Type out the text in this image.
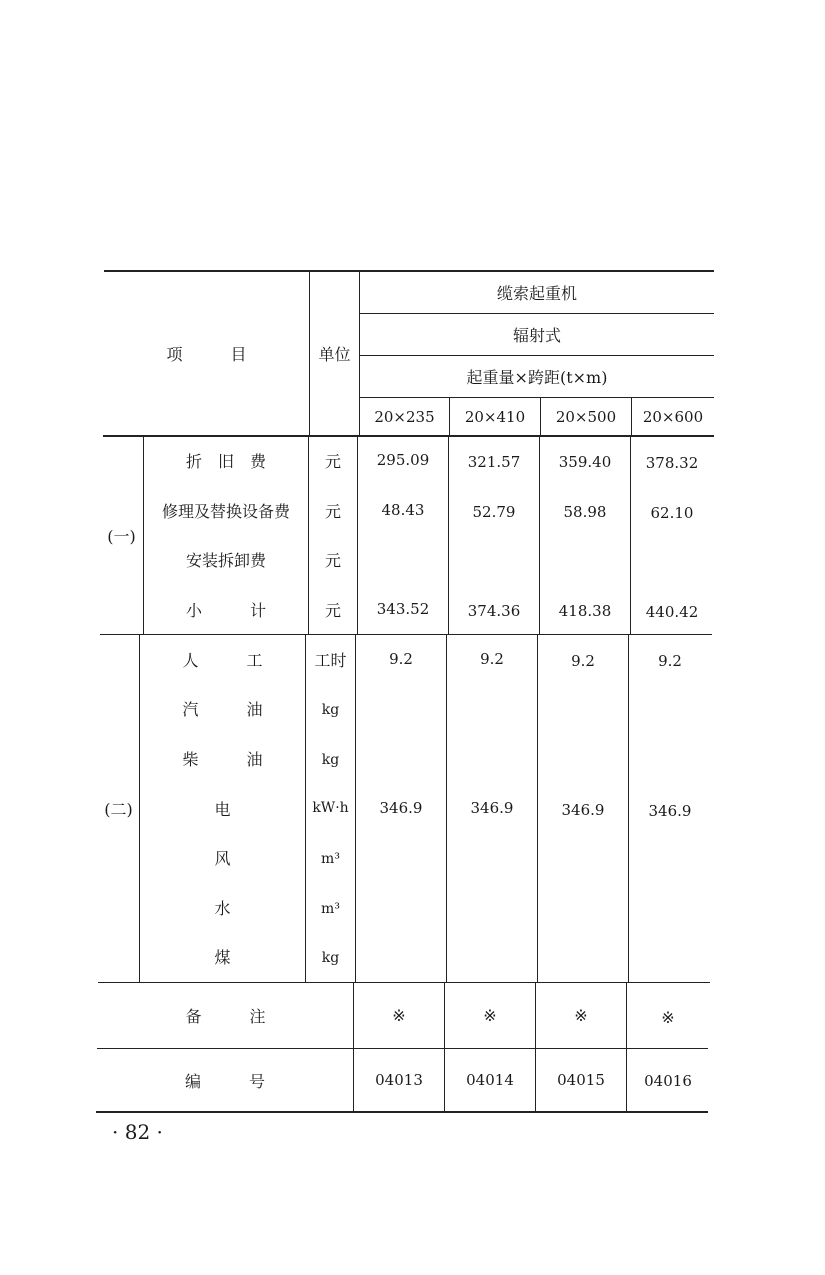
项　　　目	单位
缆索起重机
辐射式
起重量×跨距(t×m)
20×235	20×410	20×500	20×600
(一)
折　旧　费	元	295.09	321.57	359.40	378.32
修理及替换设备费	元	48.43	52.79	58.98	62.10
安装拆卸费	元
小　　　计	元	343.52	374.36	418.38	440.42
(二)
人　　　工	工时	9.2	9.2	9.2	9.2
汽　　　油	kg
柴　　　油	kg
电	kW·h	346.9	346.9	346.9	346.9
风	m³
水	m³
煤	kg
备　　　注	※	※	※	※
编　　　号	04013	04014	04015	04016
· 82 ·
